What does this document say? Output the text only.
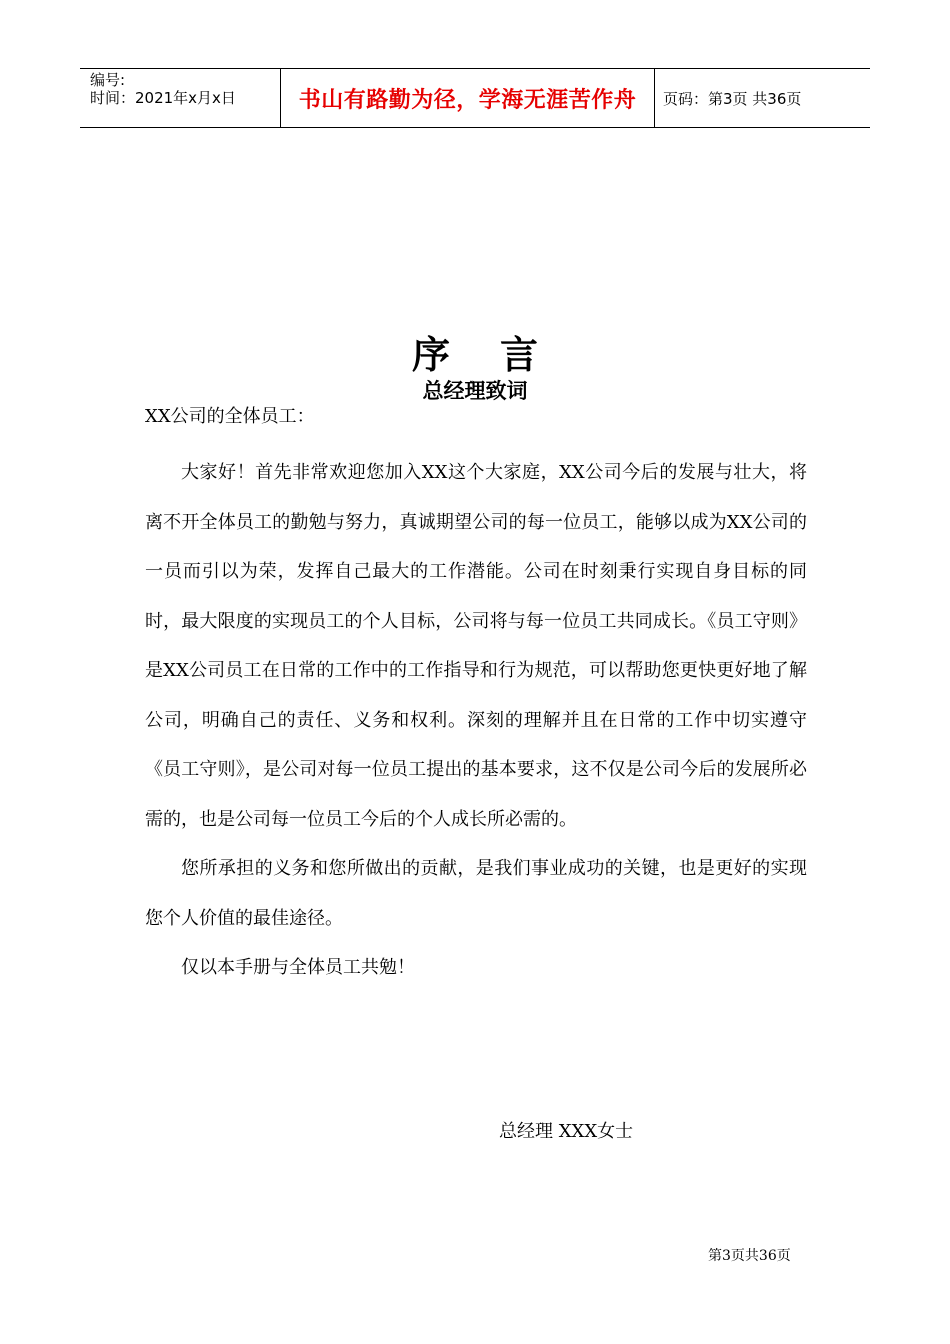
编号:
时间：2021年x月x日	书山有路勤为径，学海无涯苦作舟	页码：第3页 共36页
序言
总经理致词
XX公司的全体员工：

大家好！首先非常欢迎您加入XX这个大家庭，XX公司今后的发展与壮大，将离不开全体员工的勤勉与努力，真诚期望公司的每一位员工，能够以成为XX公司的一员而引以为荣，发挥自己最大的工作潜能。公司在时刻秉行实现自身目标的同时，最大限度的实现员工的个人目标，公司将与每一位员工共同成长。《员工守则》是XX公司员工在日常的工作中的工作指导和行为规范，可以帮助您更快更好地了解公司，明确自己的责任、义务和权利。深刻的理解并且在日常的工作中切实遵守《员工守则》，是公司对每一位员工提出的基本要求，这不仅是公司今后的发展所必需的，也是公司每一位员工今后的个人成长所必需的。

您所承担的义务和您所做出的贡献，是我们事业成功的关键，也是更好的实现您个人价值的最佳途径。

仅以本手册与全体员工共勉！

总经理 XXX女士
第3页共36页
